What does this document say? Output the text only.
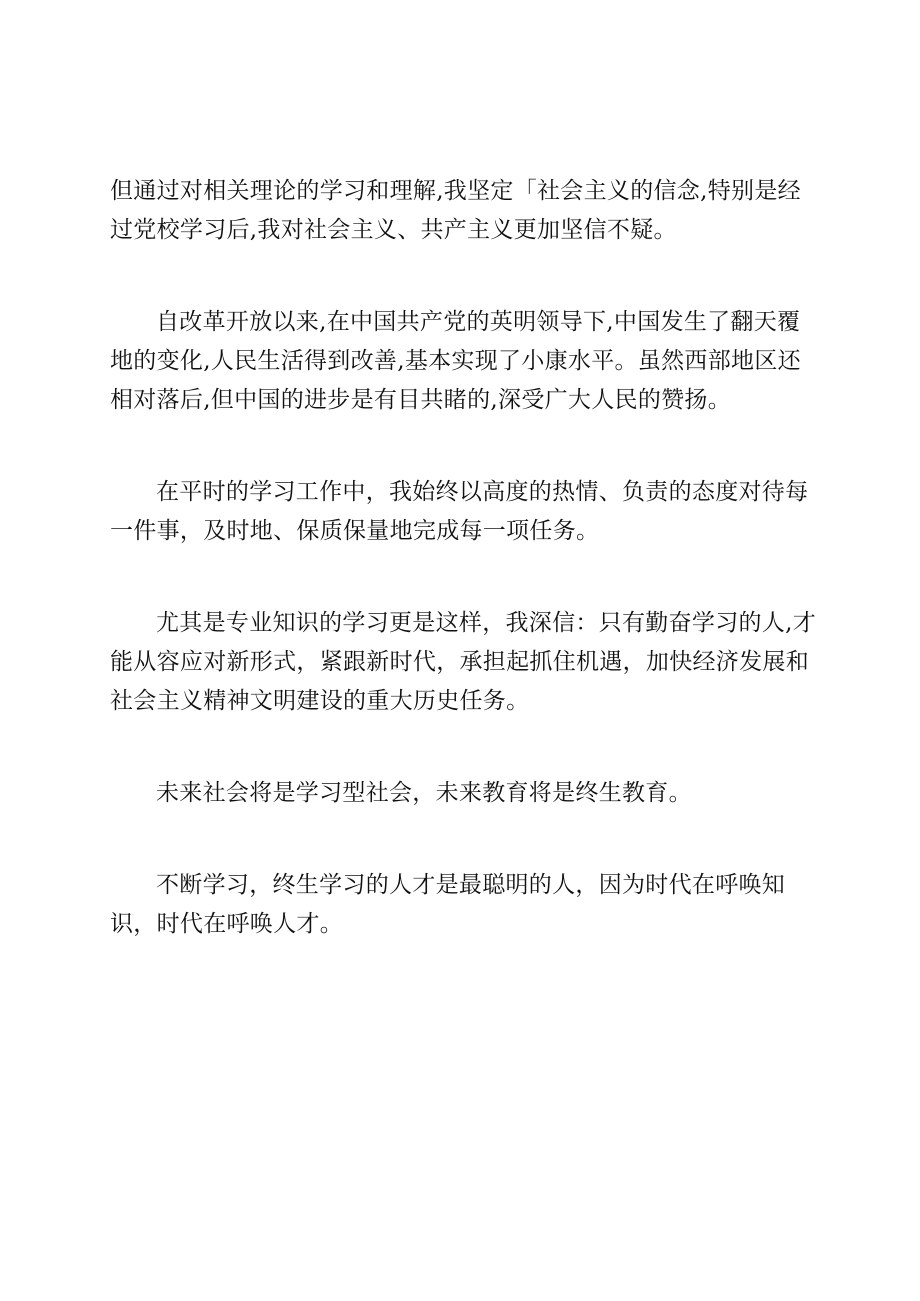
但通过对相关理论的学习和理解,我坚定「社会主义的信念,特别是经
过党校学习后,我对社会主义、共产主义更加坚信不疑。

自改革开放以来,在中国共产党的英明领导下,中国发生了翻天覆
地的变化,人民生活得到改善,基本实现了小康水平。虽然西部地区还
相对落后,但中国的进步是有目共睹的,深受广大人民的赞扬。

在平时的学习工作中，我始终以高度的热情、负责的态度对待每
一件事，及时地、保质保量地完成每一项任务。

尤其是专业知识的学习更是这样，我深信：只有勤奋学习的人,才
能从容应对新形式，紧跟新时代，承担起抓住机遇，加快经济发展和
社会主义精神文明建设的重大历史任务。

未来社会将是学习型社会，未来教育将是终生教育。

不断学习，终生学习的人才是最聪明的人，因为时代在呼唤知
识，时代在呼唤人才。
